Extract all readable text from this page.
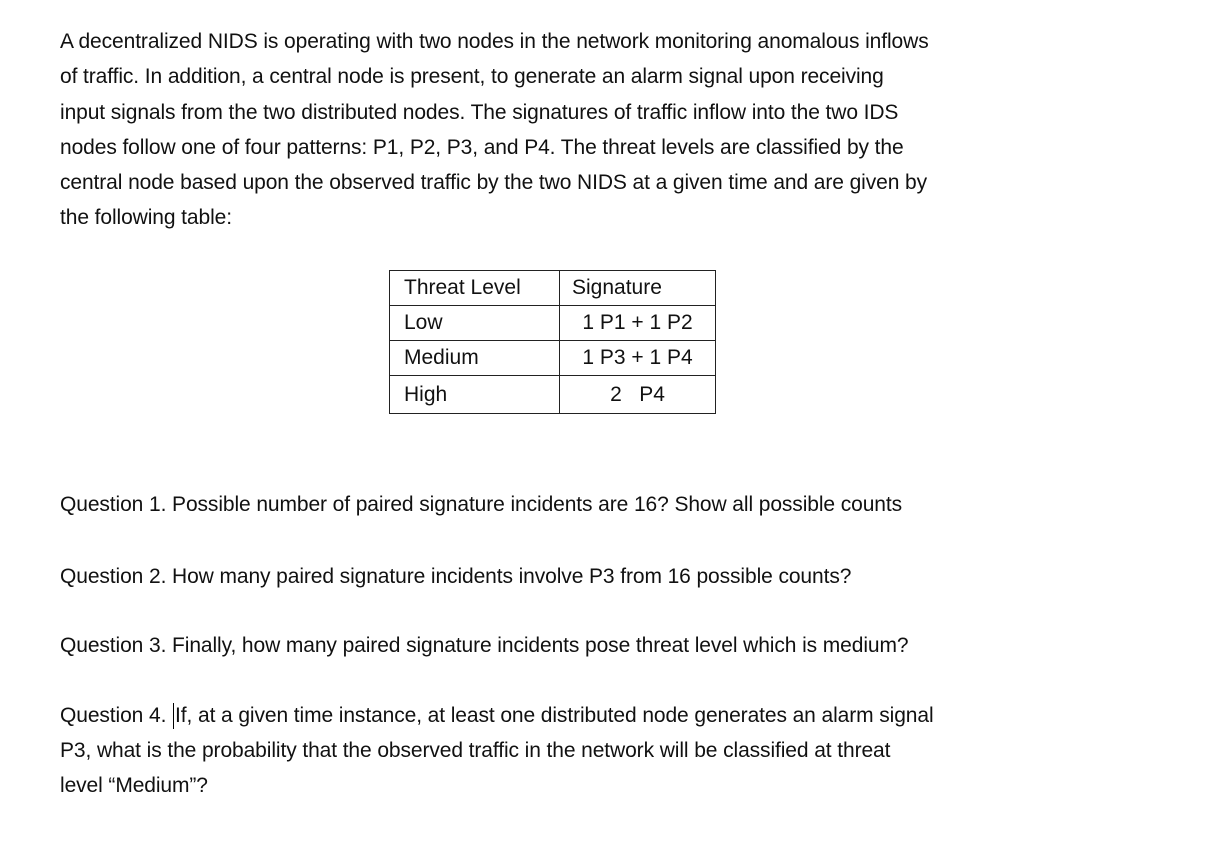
A decentralized NIDS is operating with two nodes in the network monitoring anomalous inflows
of traffic. In addition, a central node is present, to generate an alarm signal upon receiving
input signals from the two distributed nodes. The signatures of traffic inflow into the two IDS
nodes follow one of four patterns: P1, P2, P3, and P4. The threat levels are classified by the
central node based upon the observed traffic by the two NIDS at a given time and are given by
the following table:
Threat Level	Signature
Low	1 P1 + 1 P2
Medium	1 P3 + 1 P4
High	2   P4
Question 1. Possible number of paired signature incidents are 16? Show all possible counts
Question 2. How many paired signature incidents involve P3 from 16 possible counts?
Question 3. Finally, how many paired signature incidents pose threat level which is medium?
Question 4. If, at a given time instance, at least one distributed node generates an alarm signal
P3, what is the probability that the observed traffic in the network will be classified at threat
level “Medium”?
